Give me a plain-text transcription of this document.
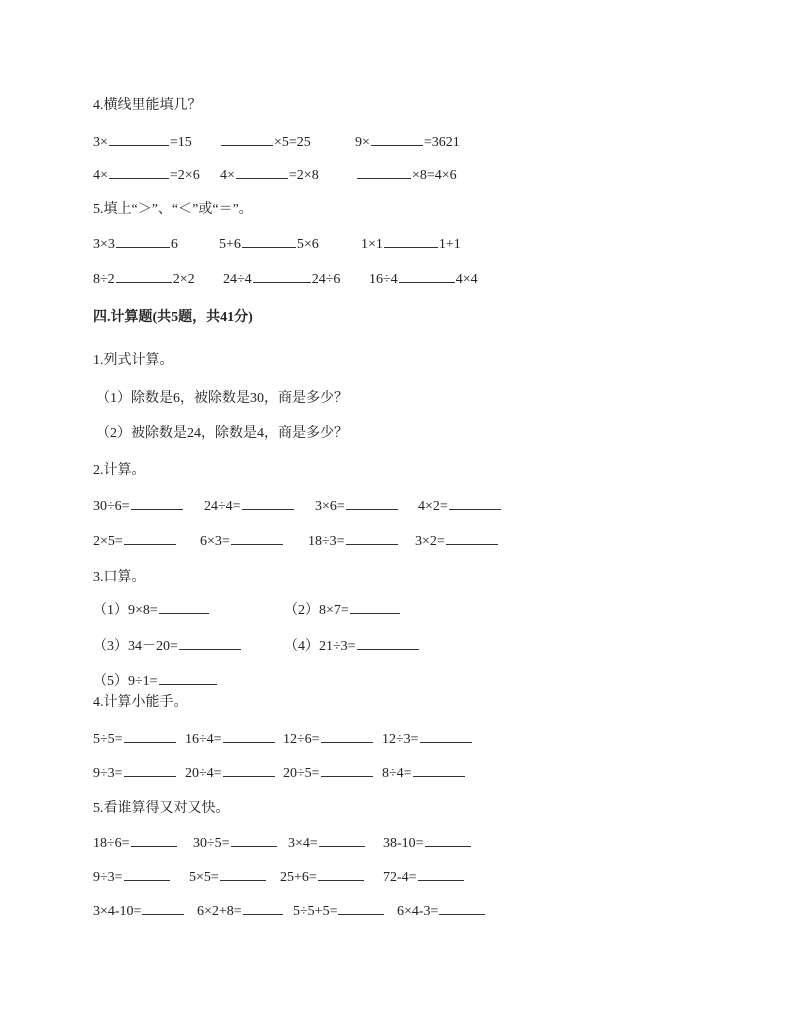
4.横线里能填几？
3×	=15	×5=25	9×	=3621
4×	=2×6 4×	=2×8	×8=4×6
5.填上“＞”、“＜”或“＝”。
3×3	6	5+6	5×6	1×1	1+1
8÷2	2×2 24÷4	24÷6 16÷4	4×4
四.计算题(共5题，共41分)
1.列式计算。
（1）除数是6，被除数是30，商是多少？
（2）被除数是24，除数是4，商是多少？
2.计算。
30÷6=	24÷4=	3×6=	4×2=
2×5=	6×3=	18÷3=	3×2=
3.口算。
（1）9×8=	（2）8×7=
（3）34－20=	（4）21÷3=
（5）9÷1=
4.计算小能手。
5÷5=	16÷4=	12÷6=	12÷3=
9÷3=	20÷4=	20÷5=	8÷4=
5.看谁算得又对又快。
18÷6=	30÷5=	3×4=	38-10=
9÷3=	5×5=	25+6=	72-4=
3×4-10=	6×2+8=	5÷5+5=	6×4-3=
